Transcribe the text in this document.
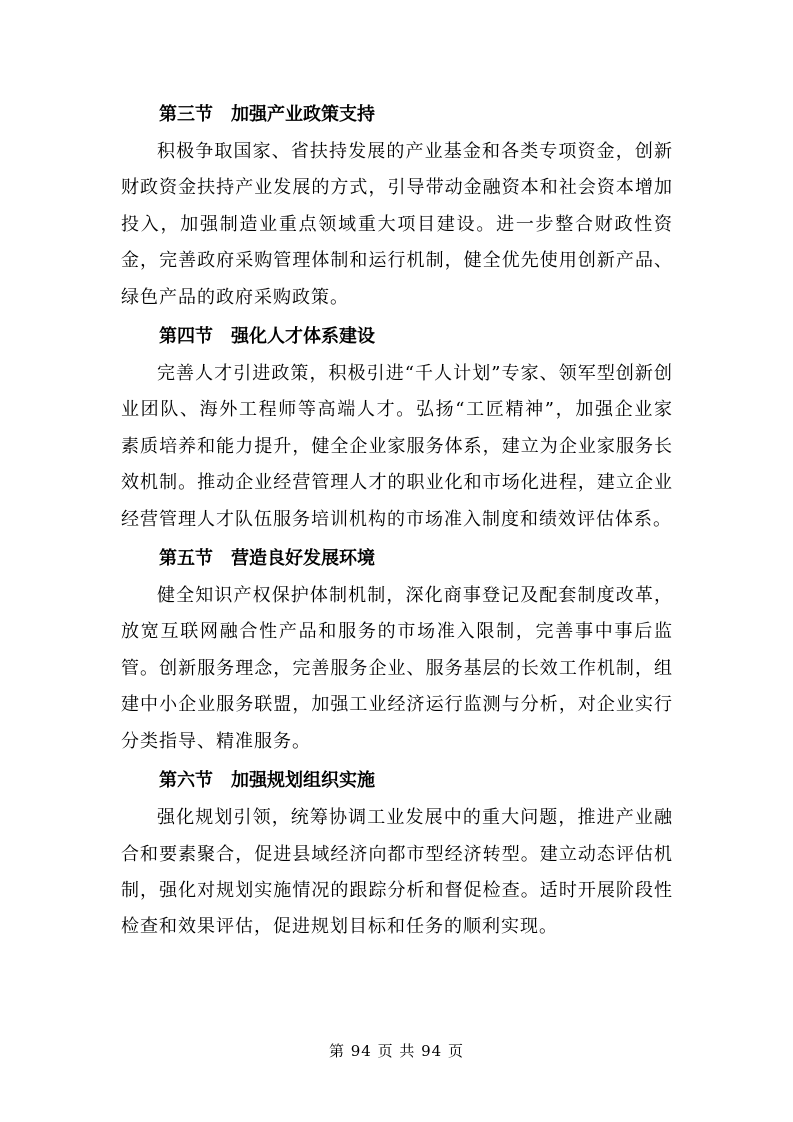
第三节 加强产业政策支持

积极争取国家、省扶持发展的产业基金和各类专项资金，创新财政资金扶持产业发展的方式，引导带动金融资本和社会资本增加投入，加强制造业重点领域重大项目建设。进一步整合财政性资金，完善政府采购管理体制和运行机制，健全优先使用创新产品、绿色产品的政府采购政策。

第四节 强化人才体系建设

完善人才引进政策，积极引进“千人计划”专家、领军型创新创业团队、海外工程师等高端人才。弘扬“工匠精神”，加强企业家素质培养和能力提升，健全企业家服务体系，建立为企业家服务长效机制。推动企业经营管理人才的职业化和市场化进程，建立企业经营管理人才队伍服务培训机构的市场准入制度和绩效评估体系。

第五节 营造良好发展环境

健全知识产权保护体制机制，深化商事登记及配套制度改革，放宽互联网融合性产品和服务的市场准入限制，完善事中事后监管。创新服务理念，完善服务企业、服务基层的长效工作机制，组建中小企业服务联盟，加强工业经济运行监测与分析，对企业实行分类指导、精准服务。

第六节 加强规划组织实施

强化规划引领，统筹协调工业发展中的重大问题，推进产业融合和要素聚合，促进县域经济向都市型经济转型。建立动态评估机制，强化对规划实施情况的跟踪分析和督促检查。适时开展阶段性检查和效果评估，促进规划目标和任务的顺利实现。

第 94 页 共 94 页
